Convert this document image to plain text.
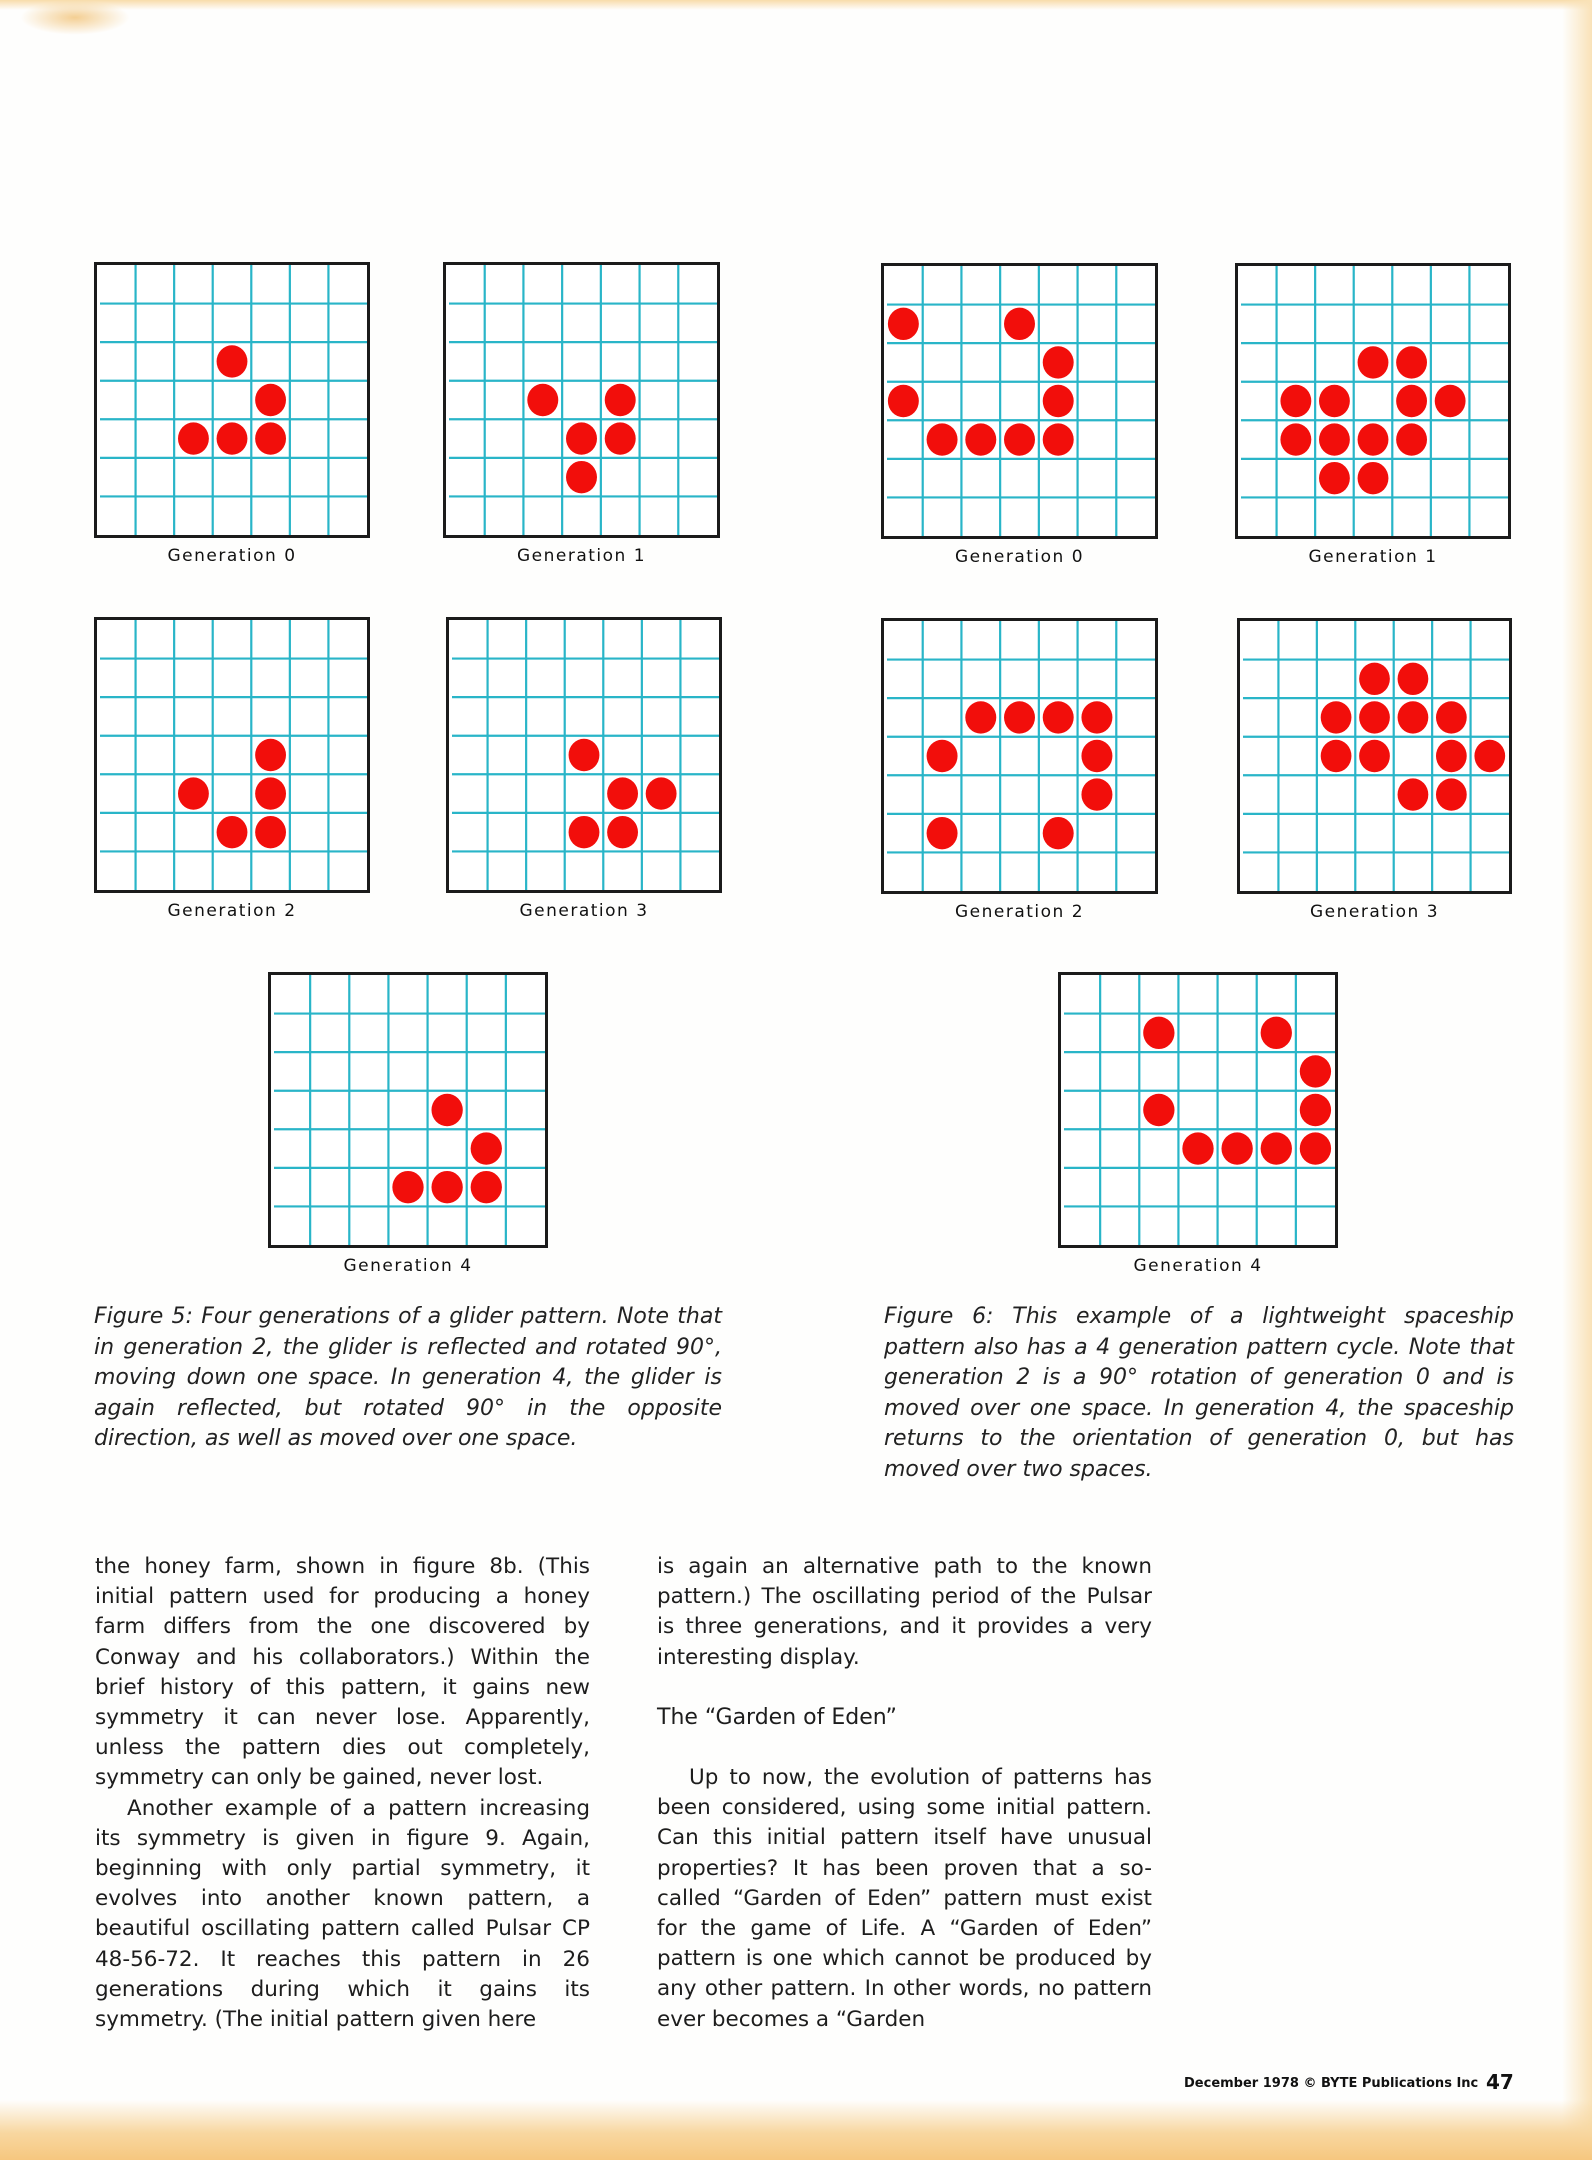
Generation 0	Generation 1
Generation 2	Generation 3
Generation 4
Generation 0	Generation 1
Generation 2	Generation 3
Generation 4
Figure 5: Four generations of a glider pattern. Note that in generation 2, the glider is reflected and rotated 90°, moving down one space. In generation 4, the glider is again reflected, but rotated 90° in the opposite direction, as well as moved over one space.
Figure 6: This example of a lightweight spaceship pattern also has a 4 generation pattern cycle. Note that generation 2 is a 90° rotation of generation 0 and is moved over one space. In generation 4, the spaceship returns to the orientation of generation 0, but has moved over two spaces.

the honey farm, shown in figure 8b. (This initial pattern used for producing a honey farm differs from the one discovered by Conway and his collaborators.) Within the brief history of this pattern, it gains new symmetry it can never lose. Apparently, unless the pattern dies out completely, symmetry can only be gained, never lost.

Another example of a pattern increasing its symmetry is given in figure 9. Again, beginning with only partial symmetry, it evolves into another known pattern, a beautiful oscillating pattern called Pulsar CP 48-56-72. It reaches this pattern in 26 generations during which it gains its symmetry. (The initial pattern given here

is again an alternative path to the known pattern.) The oscillating period of the Pulsar is three generations, and it provides a very interesting display.

The “Garden of Eden”

Up to now, the evolution of patterns has been considered, using some initial pattern. Can this initial pattern itself have unusual properties? It has been proven that a so-called “Garden of Eden” pattern must exist for the game of Life. A “Garden of Eden” pattern is one which cannot be produced by any other pattern. In other words, no pattern ever becomes a “Garden

December 1978 © BYTE Publications Inc 47
